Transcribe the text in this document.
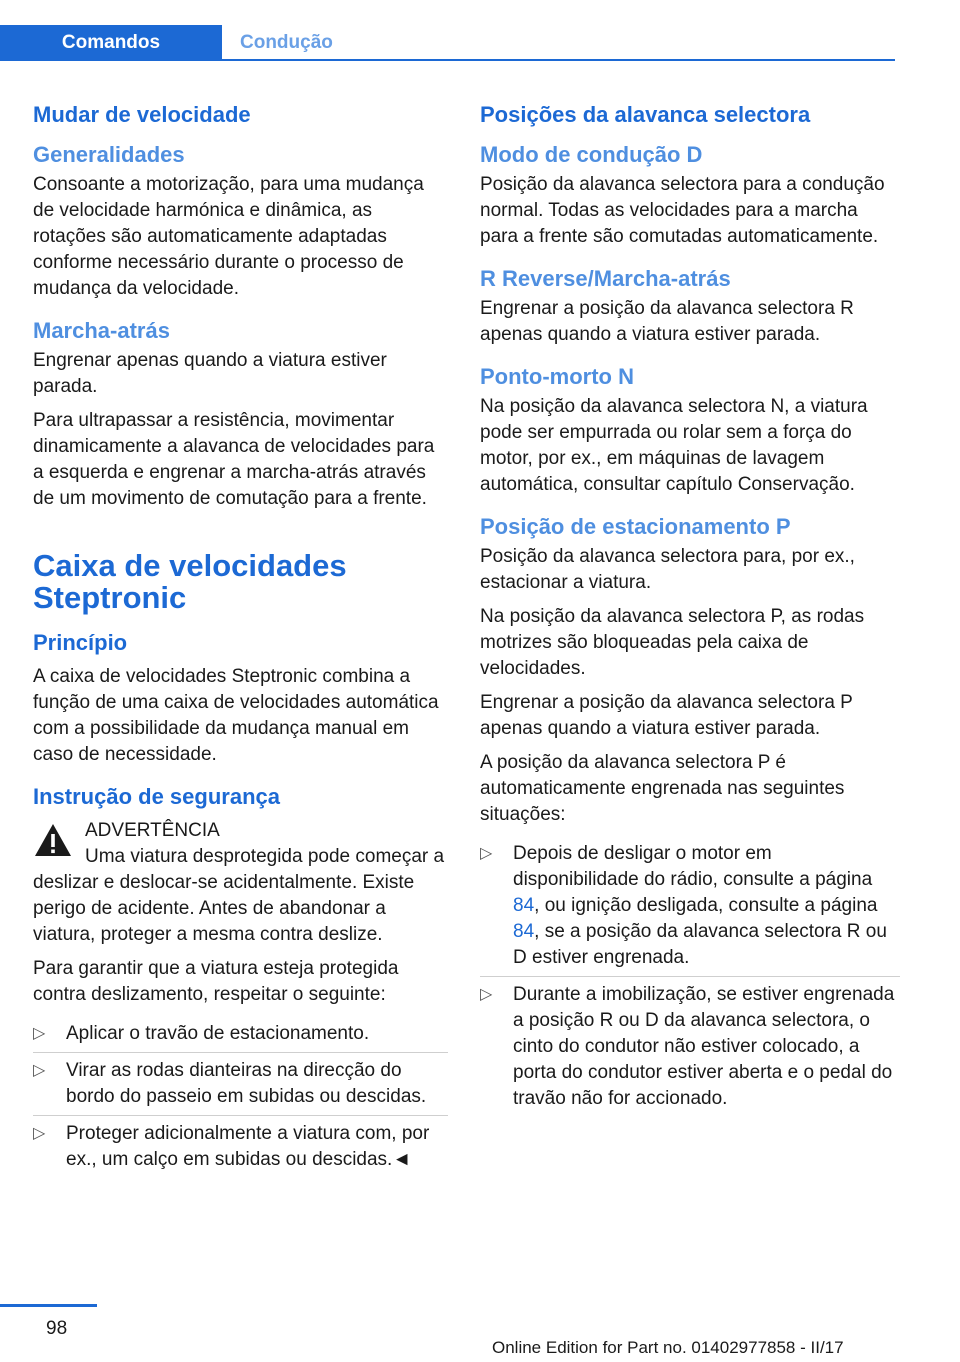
Comandos	Condução
Mudar de velocidade
Generalidades

Consoante a motorização, para uma mudança de velocidade harmónica e dinâmica, as rotações são automaticamente adaptadas conforme necessário durante o processo de mudança da velocidade.

Marcha-atrás

Engrenar apenas quando a viatura estiver parada.

Para ultrapassar a resistência, movimentar dinamicamente a alavanca de velocidades para a esquerda e engrenar a marcha-atrás através de um movimento de comutação para a frente.

Caixa de velocidades Steptronic
Princípio

A caixa de velocidades Steptronic combina a função de uma caixa de velocidades automática com a possibilidade da mudança manual em caso de necessidade.

Instrução de segurança
ADVERTÊNCIA

Uma viatura desprotegida pode começar a deslizar e deslocar-se acidentalmente. Existe perigo de acidente. Antes de abandonar a viatura, proteger a mesma contra deslize.

Para garantir que a viatura esteja protegida contra deslizamento, respeitar o seguinte:

▷ Aplicar o travão de estacionamento.
▷ Virar as rodas dianteiras na direcção do bordo do passeio em subidas ou descidas.
▷ Proteger adicionalmente a viatura com, por ex., um calço em subidas ou descidas.◄
Posições da alavanca selectora
Modo de condução D

Posição da alavanca selectora para a condução normal. Todas as velocidades para a marcha para a frente são comutadas automaticamente.

R Reverse/Marcha-atrás

Engrenar a posição da alavanca selectora R apenas quando a viatura estiver parada.

Ponto-morto N

Na posição da alavanca selectora N, a viatura pode ser empurrada ou rolar sem a força do motor, por ex., em máquinas de lavagem automática, consultar capítulo Conservação.

Posição de estacionamento P

Posição da alavanca selectora para, por ex., estacionar a viatura.

Na posição da alavanca selectora P, as rodas motrizes são bloqueadas pela caixa de velocidades.

Engrenar a posição da alavanca selectora P apenas quando a viatura estiver parada.

A posição da alavanca selectora P é automaticamente engrenada nas seguintes situações:

▷ Depois de desligar o motor em disponibilidade do rádio, consulte a página 84, ou ignição desligada, consulte a página 84, se a posição da alavanca selectora R ou D estiver engrenada.
▷ Durante a imobilização, se estiver engrenada a posição R ou D da alavanca selectora, o cinto do condutor não estiver colocado, a porta do condutor estiver aberta e o pedal do travão não for accionado.
98
Online Edition for Part no. 01402977858 - II/17
